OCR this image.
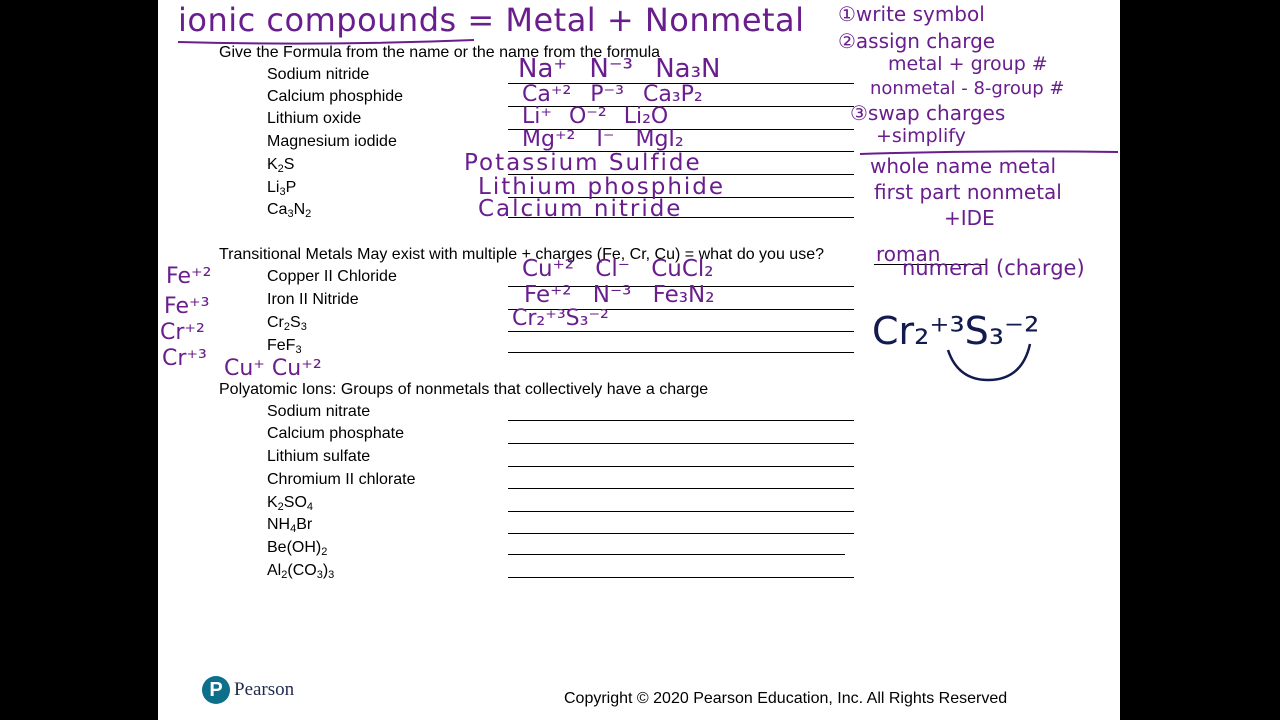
Give the Formula from the name or the name from the formula
Sodium nitride
Calcium phosphide
Lithium oxide
Magnesium iodide
$K_2S$
$Li_3P$
$Ca_3N_2$
Transitional Metals May exist with multiple + charges (Fe, Cr, Cu) = what do you use?
Copper II Chloride
Iron II Nitride
$Cr_2S_3$
FeF$_3$
Polyatomic Ions: Groups of nonmetals that collectively have a charge
Sodium nitrate
Calcium phosphate
Lithium sulfate
Chromium II chlorate
$K_2SO_4$
$NH_4Br$
$Be(OH)_2$
$Al_2(CO_3)_3$
ionic compounds = Metal + Nonmetal ①write symbol
②assign charge
metal + group #
nonmetal - 8-group #
③swap charges
+simplify
whole name metal
first part nonmetal
+IDE
Na⁺ N⁻³ Na₃N
Ca⁺² P⁻³ Ca₃P₂
Li⁺ O⁻² Li₂O
Mg⁺² I⁻ MgI₂
Potassium Sulfide
Lithium phosphide
Calcium nitride
roman
numeral (charge)
Fe⁺²
Fe⁺³
Cr⁺²
Cr⁺³ Cu⁺ Cu⁺²
Cu⁺² Cl⁻ CuCl₂
Fe⁺² N⁻³ Fe₃N₂
Cr₂⁺³S₃⁻²	Cr₂⁺³S₃⁻²
P Pearson	Copyright © 2020 Pearson Education, Inc. All Rights Reserved
